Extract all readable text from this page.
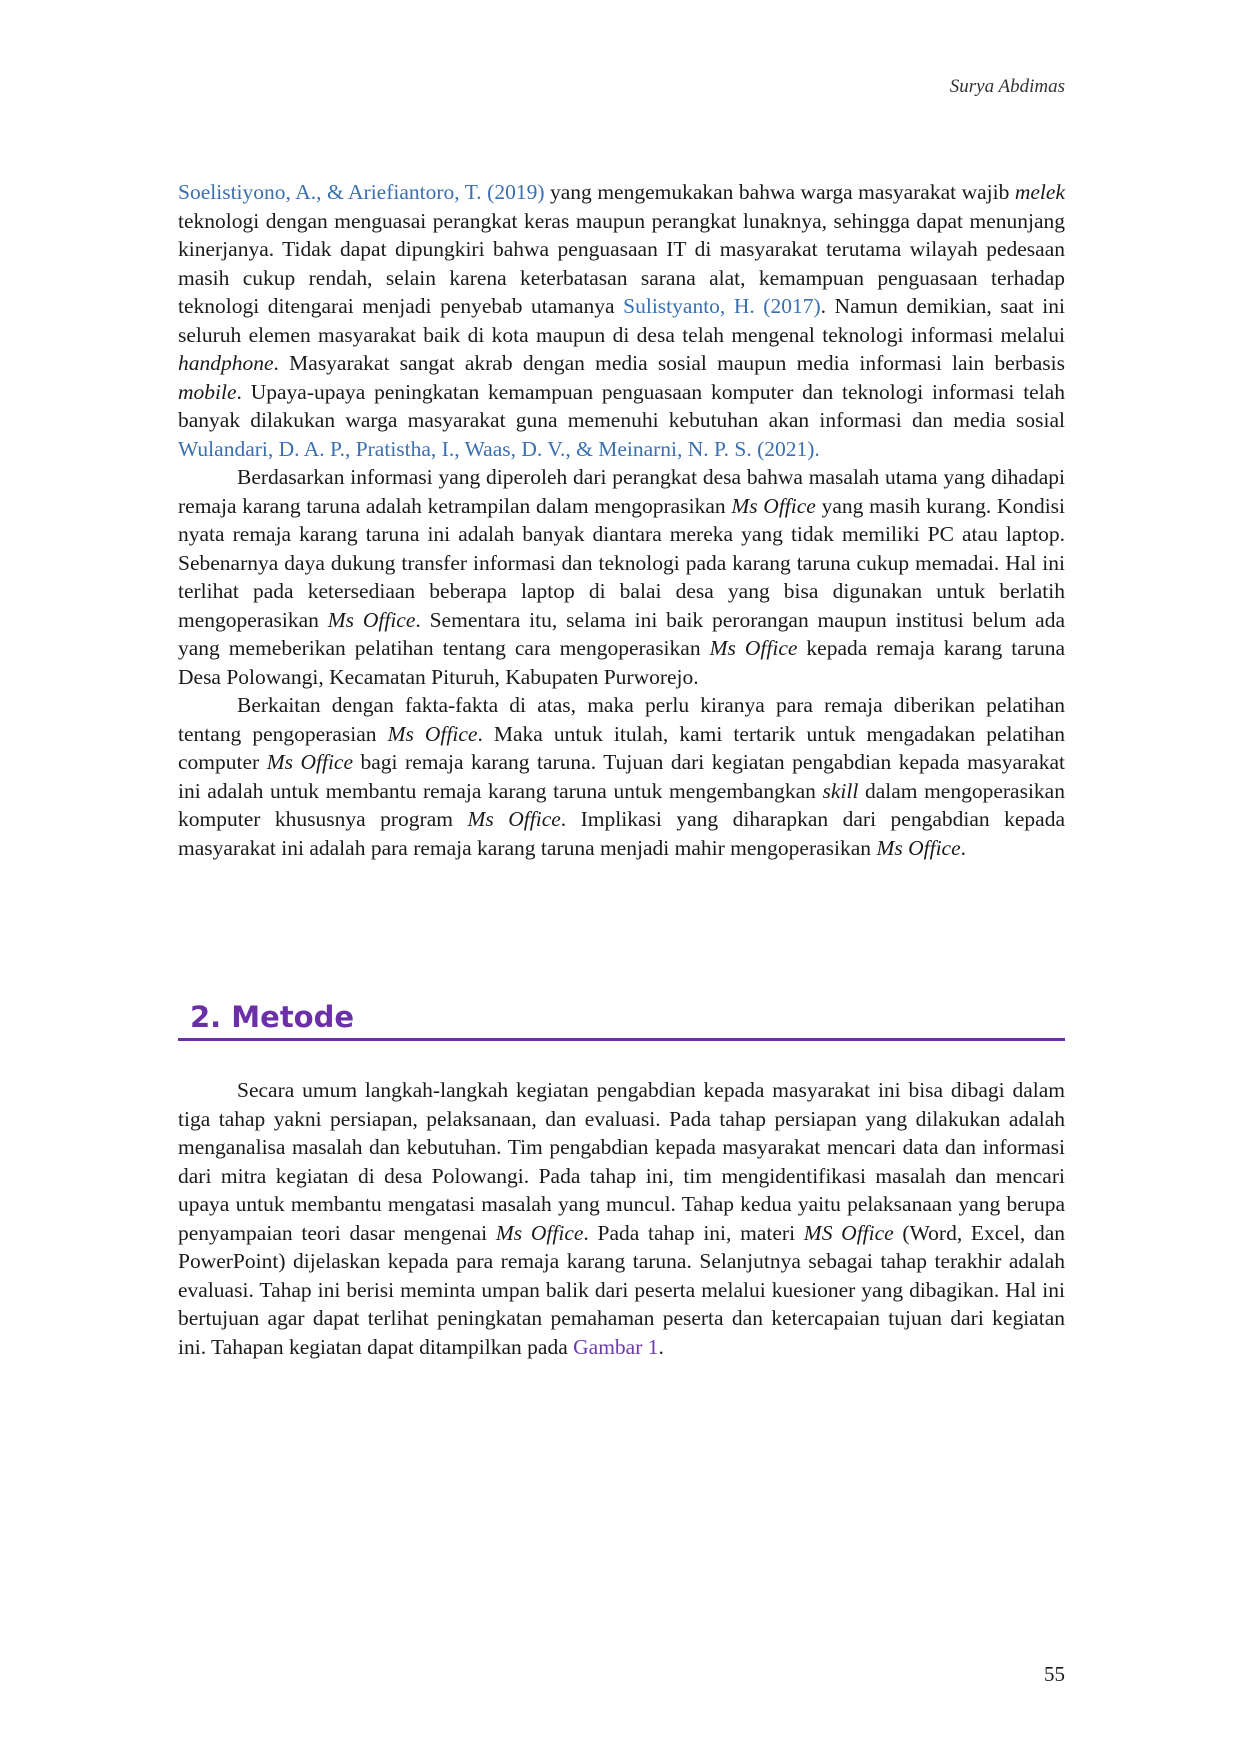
Surya Abdimas

Soelistiyono, A., & Ariefiantoro, T. (2019) yang mengemukakan bahwa warga masyarakat wajib melek teknologi dengan menguasai perangkat keras maupun perangkat lunaknya, sehingga dapat menunjang kinerjanya. Tidak dapat dipungkiri bahwa penguasaan IT di masyarakat terutama wilayah pedesaan masih cukup rendah, selain karena keterbatasan sarana alat, kemampuan penguasaan terhadap teknologi ditengarai menjadi penyebab utamanya Sulistyanto, H. (2017). Namun demikian, saat ini seluruh elemen masyarakat baik di kota maupun di desa telah mengenal teknologi informasi melalui handphone. Masyarakat sangat akrab dengan media sosial maupun media informasi lain berbasis mobile. Upaya-upaya peningkatan kemampuan penguasaan komputer dan teknologi informasi telah banyak dilakukan warga masyarakat guna memenuhi kebutuhan akan informasi dan media sosial Wulandari, D. A. P., Pratistha, I., Waas, D. V., & Meinarni, N. P. S. (2021).

Berdasarkan informasi yang diperoleh dari perangkat desa bahwa masalah utama yang dihadapi remaja karang taruna adalah ketrampilan dalam mengoprasikan Ms Office yang masih kurang. Kondisi nyata remaja karang taruna ini adalah banyak diantara mereka yang tidak memiliki PC atau laptop. Sebenarnya daya dukung transfer informasi dan teknologi pada karang taruna cukup memadai. Hal ini terlihat pada ketersediaan beberapa laptop di balai desa yang bisa digunakan untuk berlatih mengoperasikan Ms Office. Sementara itu, selama ini baik perorangan maupun institusi belum ada yang memeberikan pelatihan tentang cara mengoperasikan Ms Office kepada remaja karang taruna Desa Polowangi, Kecamatan Pituruh, Kabupaten Purworejo.

Berkaitan dengan fakta-fakta di atas, maka perlu kiranya para remaja diberikan pelatihan tentang pengoperasian Ms Office. Maka untuk itulah, kami tertarik untuk mengadakan pelatihan computer Ms Office bagi remaja karang taruna. Tujuan dari kegiatan pengabdian kepada masyarakat ini adalah untuk membantu remaja karang taruna untuk mengembangkan skill dalam mengoperasikan komputer khususnya program Ms Office. Implikasi yang diharapkan dari pengabdian kepada masyarakat ini adalah para remaja karang taruna menjadi mahir mengoperasikan Ms Office.

2. Metode

Secara umum langkah-langkah kegiatan pengabdian kepada masyarakat ini bisa dibagi dalam tiga tahap yakni persiapan, pelaksanaan, dan evaluasi. Pada tahap persiapan yang dilakukan adalah menganalisa masalah dan kebutuhan. Tim pengabdian kepada masyarakat mencari data dan informasi dari mitra kegiatan di desa Polowangi. Pada tahap ini, tim mengidentifikasi masalah dan mencari upaya untuk membantu mengatasi masalah yang muncul. Tahap kedua yaitu pelaksanaan yang berupa penyampaian teori dasar mengenai Ms Office. Pada tahap ini, materi MS Office (Word, Excel, dan PowerPoint) dijelaskan kepada para remaja karang taruna. Selanjutnya sebagai tahap terakhir adalah evaluasi. Tahap ini berisi meminta umpan balik dari peserta melalui kuesioner yang dibagikan. Hal ini bertujuan agar dapat terlihat peningkatan pemahaman peserta dan ketercapaian tujuan dari kegiatan ini. Tahapan kegiatan dapat ditampilkan pada Gambar 1.

55
